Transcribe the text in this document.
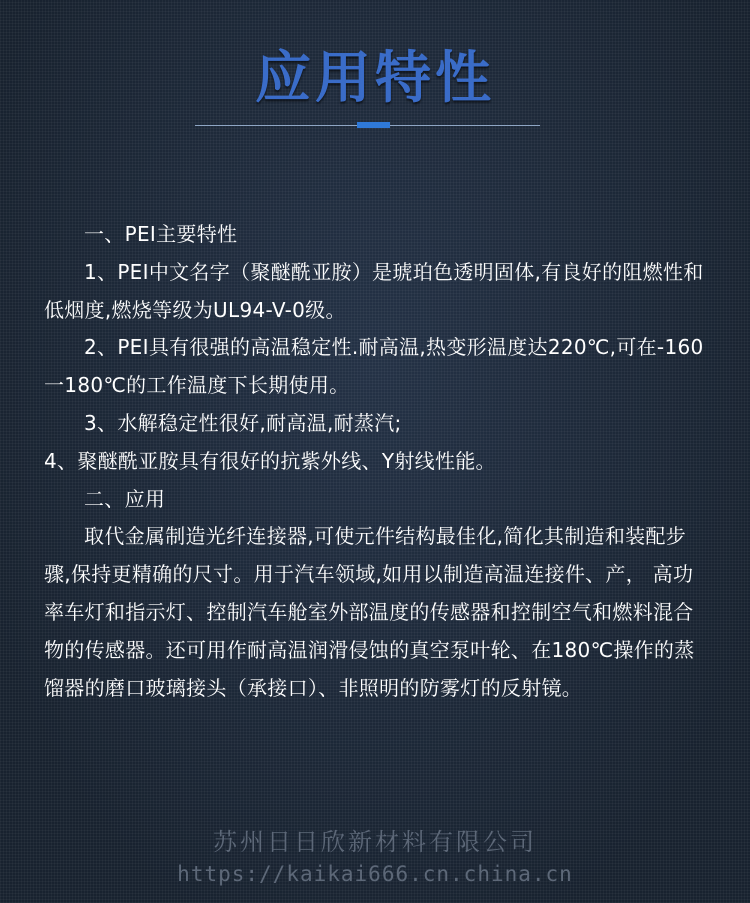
应用特性

一、PEI主要特性

1、PEI中文名字（聚醚酰亚胺）是琥珀色透明固体,有良好的阻燃性和低烟度,燃烧等级为UL94-V-0级。

2、PEI具有很强的高温稳定性.耐高温,热变形温度达220℃,可在-160一180℃的工作温度下长期使用。

3、水解稳定性很好,耐高温,耐蒸汽;

4、聚醚酰亚胺具有很好的抗紫外线、Y射线性能。

二、应用

取代金属制造光纤连接器,可使元件结构最佳化,简化其制造和装配步骤,保持更精确的尺寸。用于汽车领域,如用以制造高温连接件、产， 高功率车灯和指示灯、控制汽车舱室外部温度的传感器和控制空气和燃料混合物的传感器。还可用作耐高温润滑侵蚀的真空泵叶轮、在180℃操作的蒸馏器的磨口玻璃接头（承接口）、非照明的防雾灯的反射镜。

苏州日日欣新材料有限公司
https://kaikai666.cn.china.cn
